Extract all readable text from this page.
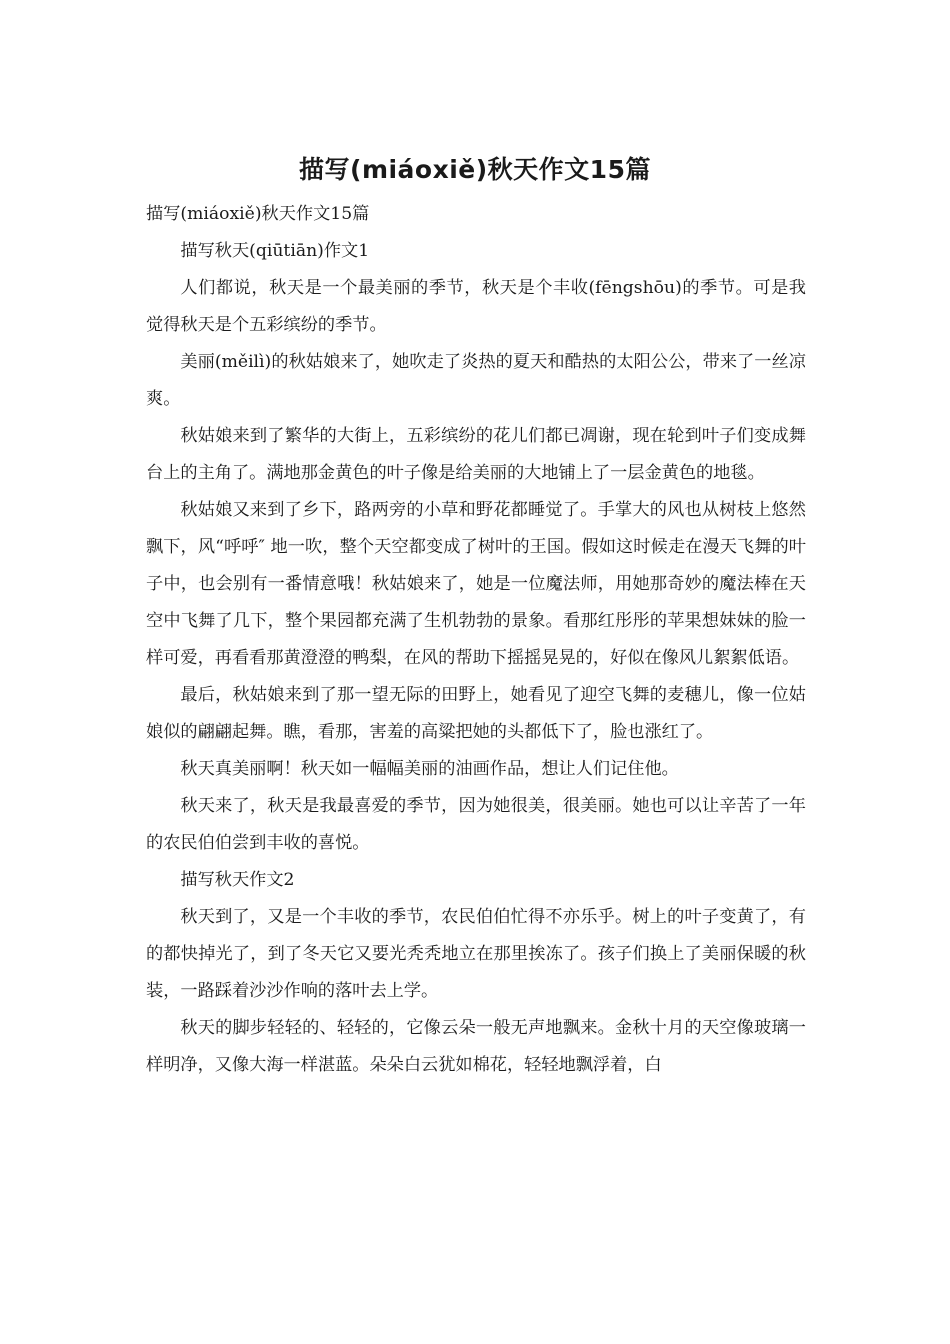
描写(miáoxiě)秋天作文15篇

描写(miáoxiě)秋天作文15篇

描写秋天(qiūtiān)作文1

人们都说，秋天是一个最美丽的季节，秋天是个丰收(fēngshōu)的季节。可是我觉得秋天是个五彩缤纷的季节。

美丽(měilì)的秋姑娘来了，她吹走了炎热的夏天和酷热的太阳公公，带来了一丝凉爽。

秋姑娘来到了繁华的大街上，五彩缤纷的花儿们都已凋谢，现在轮到叶子们变成舞台上的主角了。满地那金黄色的叶子像是给美丽的大地铺上了一层金黄色的地毯。

秋姑娘又来到了乡下，路两旁的小草和野花都睡觉了。手掌大的风也从树枝上悠然飘下，风“呼呼″ 地一吹，整个天空都变成了树叶的王国。假如这时候走在漫天飞舞的叶子中，也会别有一番情意哦！秋姑娘来了，她是一位魔法师，用她那奇妙的魔法棒在天空中飞舞了几下，整个果园都充满了生机勃勃的景象。看那红彤彤的苹果想妹妹的脸一样可爱，再看看那黄澄澄的鸭梨，在风的帮助下摇摇晃晃的，好似在像风儿絮絮低语。

最后，秋姑娘来到了那一望无际的田野上，她看见了迎空飞舞的麦穗儿，像一位姑娘似的翩翩起舞。瞧，看那，害羞的高粱把她的头都低下了，脸也涨红了。

秋天真美丽啊！秋天如一幅幅美丽的油画作品，想让人们记住他。

秋天来了，秋天是我最喜爱的季节，因为她很美，很美丽。她也可以让辛苦了一年的农民伯伯尝到丰收的喜悦。

描写秋天作文2

秋天到了，又是一个丰收的季节，农民伯伯忙得不亦乐乎。树上的叶子变黄了，有的都快掉光了，到了冬天它又要光秃秃地立在那里挨冻了。孩子们换上了美丽保暖的秋装，一路踩着沙沙作响的落叶去上学。

秋天的脚步轻轻的、轻轻的，它像云朵一般无声地飘来。金秋十月的天空像玻璃一样明净，又像大海一样湛蓝。朵朵白云犹如棉花，轻轻地飘浮着，白
